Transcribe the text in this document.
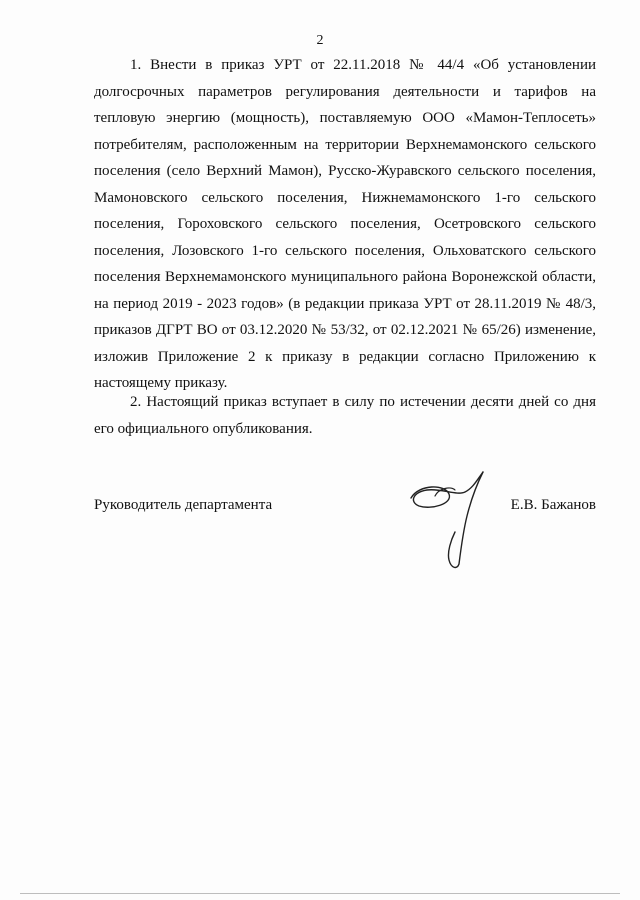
2

1. Внести в приказ УРТ от 22.11.2018 № 44/4 «Об установлении
долгосрочных параметров регулирования деятельности и тарифов на
тепловую энергию (мощность), поставляемую ООО «Мамон-Теплосеть»
потребителям, расположенным на территории Верхнемамонского сельского
поселения (село Верхний Мамон), Русско-Журавского сельского поселения,
Мамоновского сельского поселения, Нижнемамонского 1-го сельского
поселения, Гороховского сельского поселения, Осетровского сельского
поселения, Лозовского 1-го сельского поселения, Ольховатского сельского
поселения Верхнемамонского муниципального района Воронежской области,
на период 2019 - 2023 годов» (в редакции приказа УРТ от 28.11.2019 № 48/3,
приказов ДГРТ ВО от 03.12.2020 № 53/32, от 02.12.2021 № 65/26) изменение,
изложив Приложение 2 к приказу в редакции согласно Приложению к
настоящему приказу.

2. Настоящий приказ вступает в силу по истечении десяти дней со дня
его официального опубликования.

Руководитель департамента	Е.В. Бажанов
